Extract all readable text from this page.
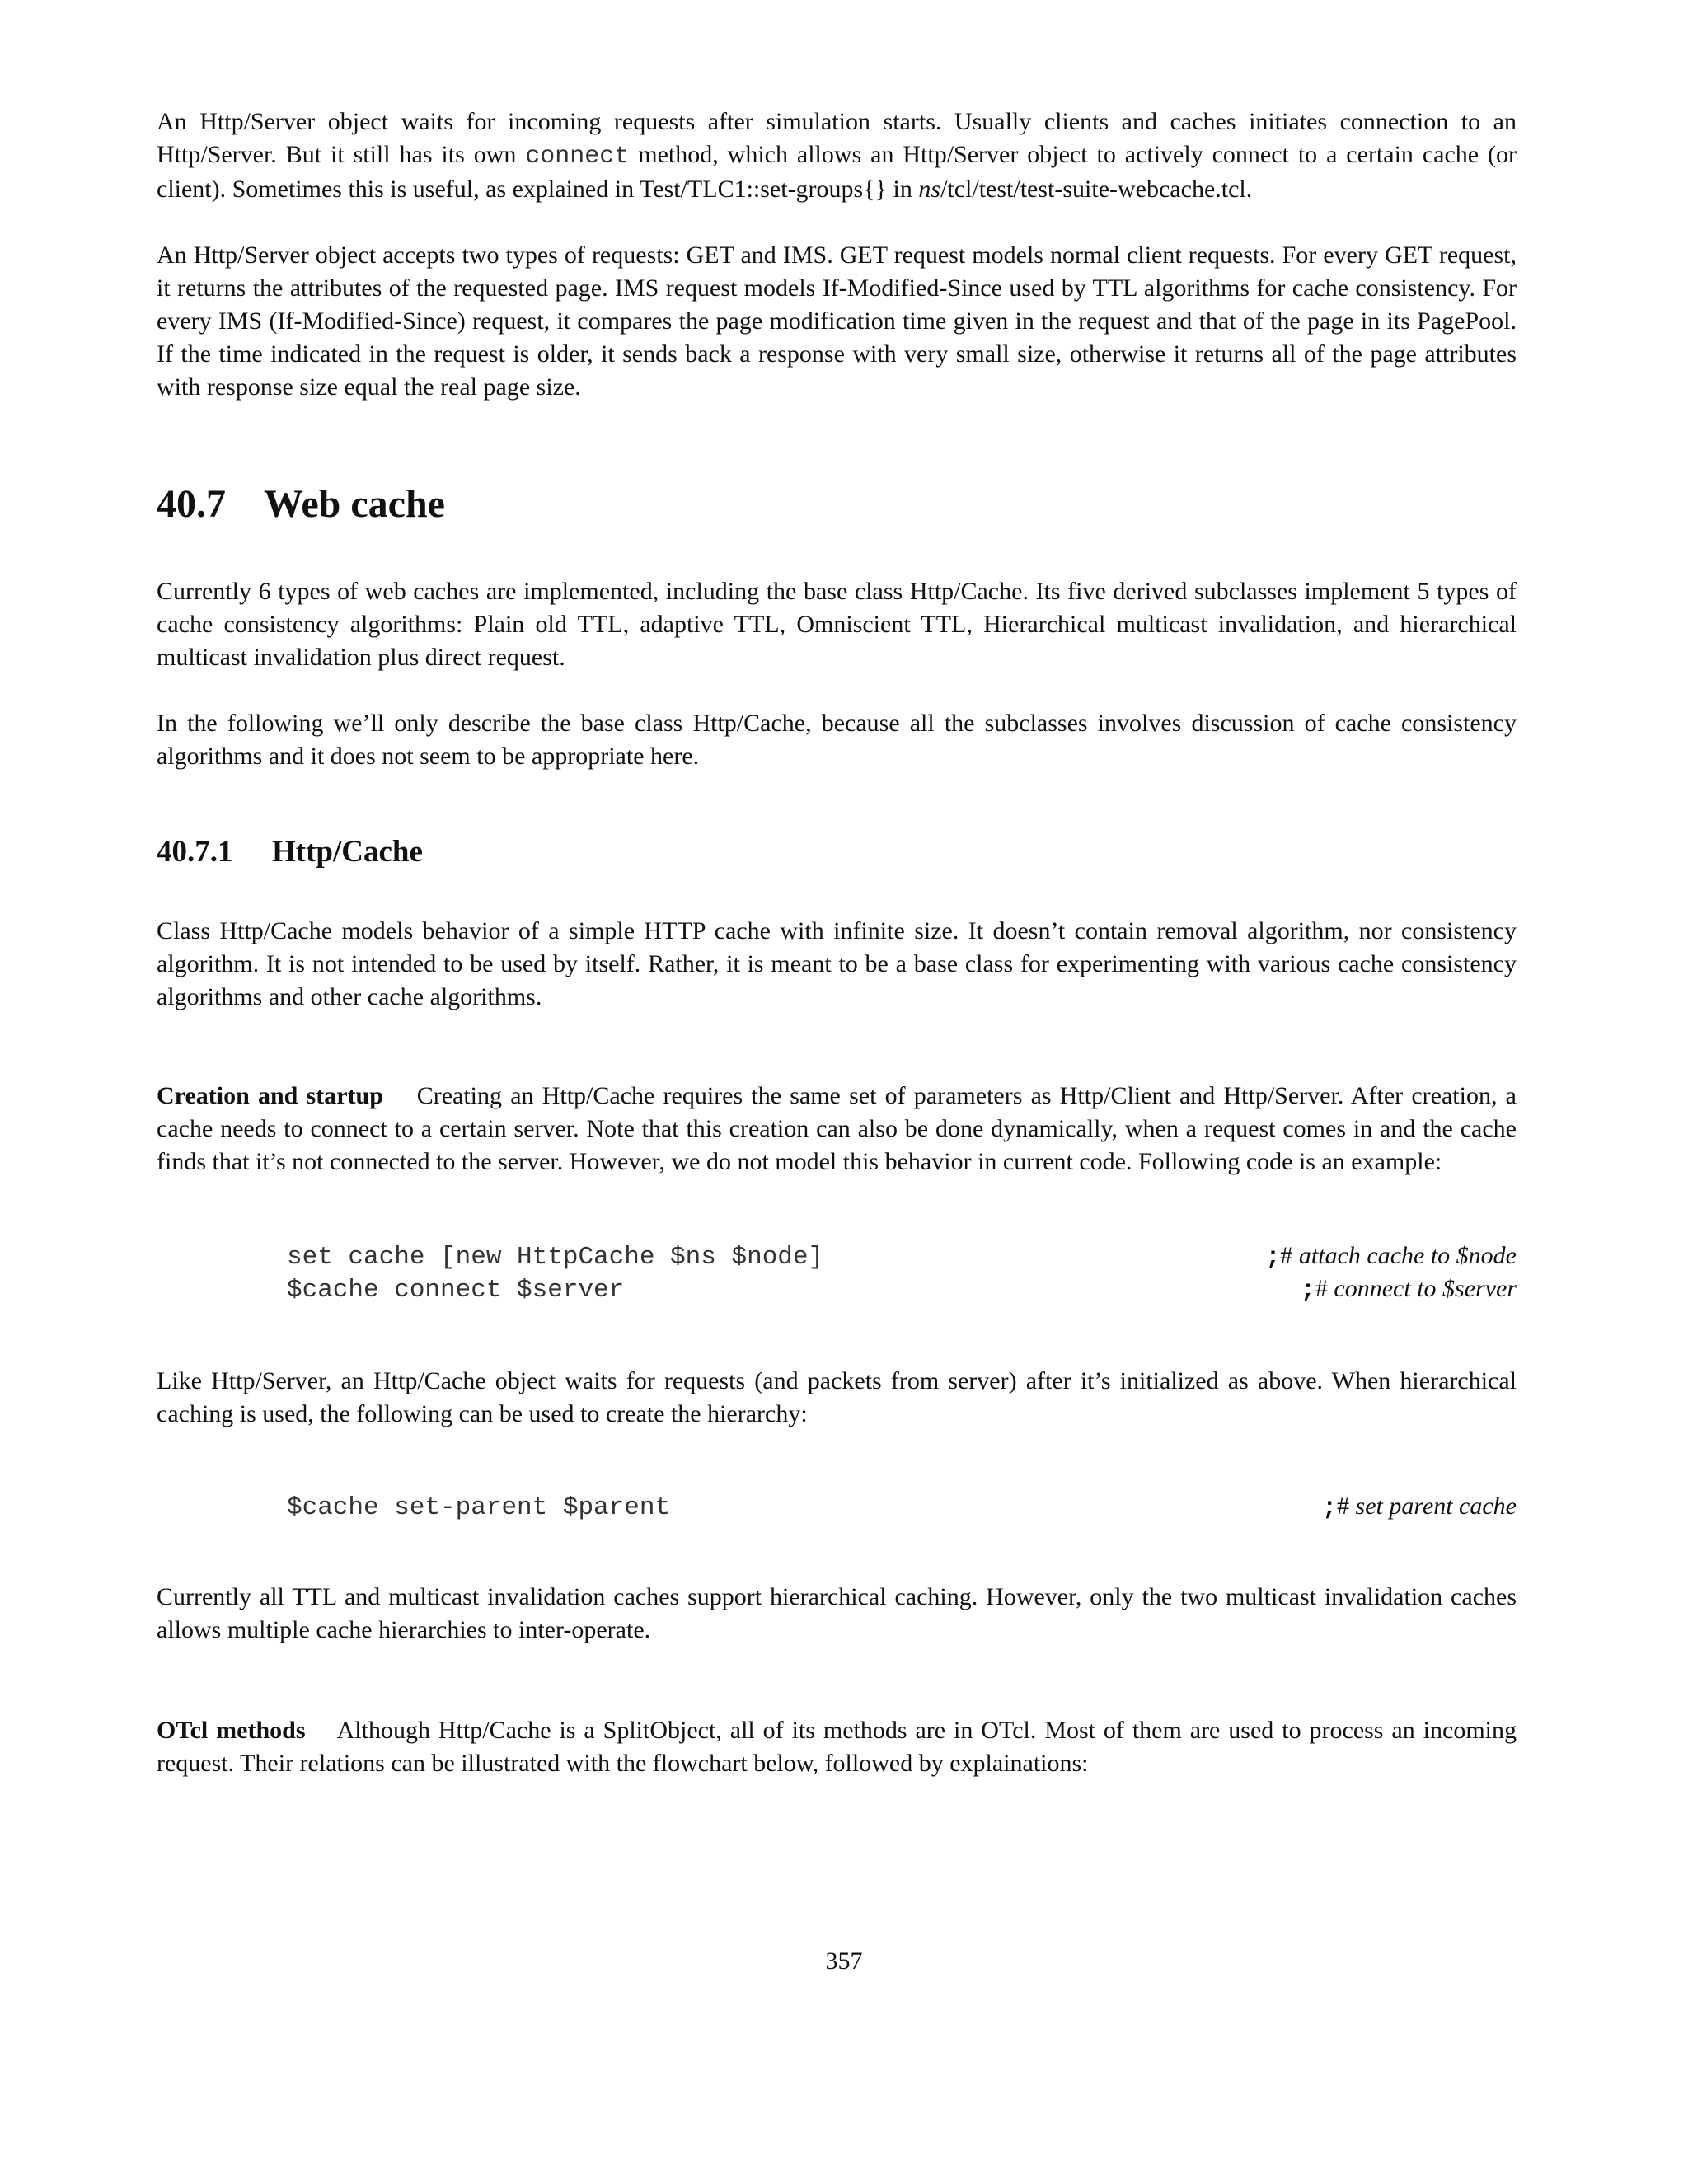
An Http/Server object waits for incoming requests after simulation starts. Usually clients and caches initiates connection to an Http/Server. But it still has its own connect method, which allows an Http/Server object to actively connect to a certain cache (or client). Sometimes this is useful, as explained in Test/TLC1::set-groups{} in ns/tcl/test/test-suite-webcache.tcl.

An Http/Server object accepts two types of requests: GET and IMS. GET request models normal client requests. For every GET request, it returns the attributes of the requested page. IMS request models If-Modified-Since used by TTL algorithms for cache consistency. For every IMS (If-Modified-Since) request, it compares the page modification time given in the request and that of the page in its PagePool. If the time indicated in the request is older, it sends back a response with very small size, otherwise it returns all of the page attributes with response size equal the real page size.

40.7 Web cache

Currently 6 types of web caches are implemented, including the base class Http/Cache. Its five derived subclasses implement 5 types of cache consistency algorithms: Plain old TTL, adaptive TTL, Omniscient TTL, Hierarchical multicast invalidation, and hierarchical multicast invalidation plus direct request.

In the following we’ll only describe the base class Http/Cache, because all the subclasses involves discussion of cache consistency algorithms and it does not seem to be appropriate here.

40.7.1 Http/Cache

Class Http/Cache models behavior of a simple HTTP cache with infinite size. It doesn’t contain removal algorithm, nor consistency algorithm. It is not intended to be used by itself. Rather, it is meant to be a base class for experimenting with various cache consistency algorithms and other cache algorithms.

Creation and startup Creating an Http/Cache requires the same set of parameters as Http/Client and Http/Server. After creation, a cache needs to connect to a certain server. Note that this creation can also be done dynamically, when a request comes in and the cache finds that it’s not connected to the server. However, we do not model this behavior in current code. Following code is an example:

set cache [new HttpCache $ns $node]	;# attach cache to $node
$cache connect $server	;# connect to $server

Like Http/Server, an Http/Cache object waits for requests (and packets from server) after it’s initialized as above. When hierarchical caching is used, the following can be used to create the hierarchy:

$cache set-parent $parent	;# set parent cache

Currently all TTL and multicast invalidation caches support hierarchical caching. However, only the two multicast invalidation caches allows multiple cache hierarchies to inter-operate.

OTcl methods Although Http/Cache is a SplitObject, all of its methods are in OTcl. Most of them are used to process an incoming request. Their relations can be illustrated with the flowchart below, followed by explainations:

357
